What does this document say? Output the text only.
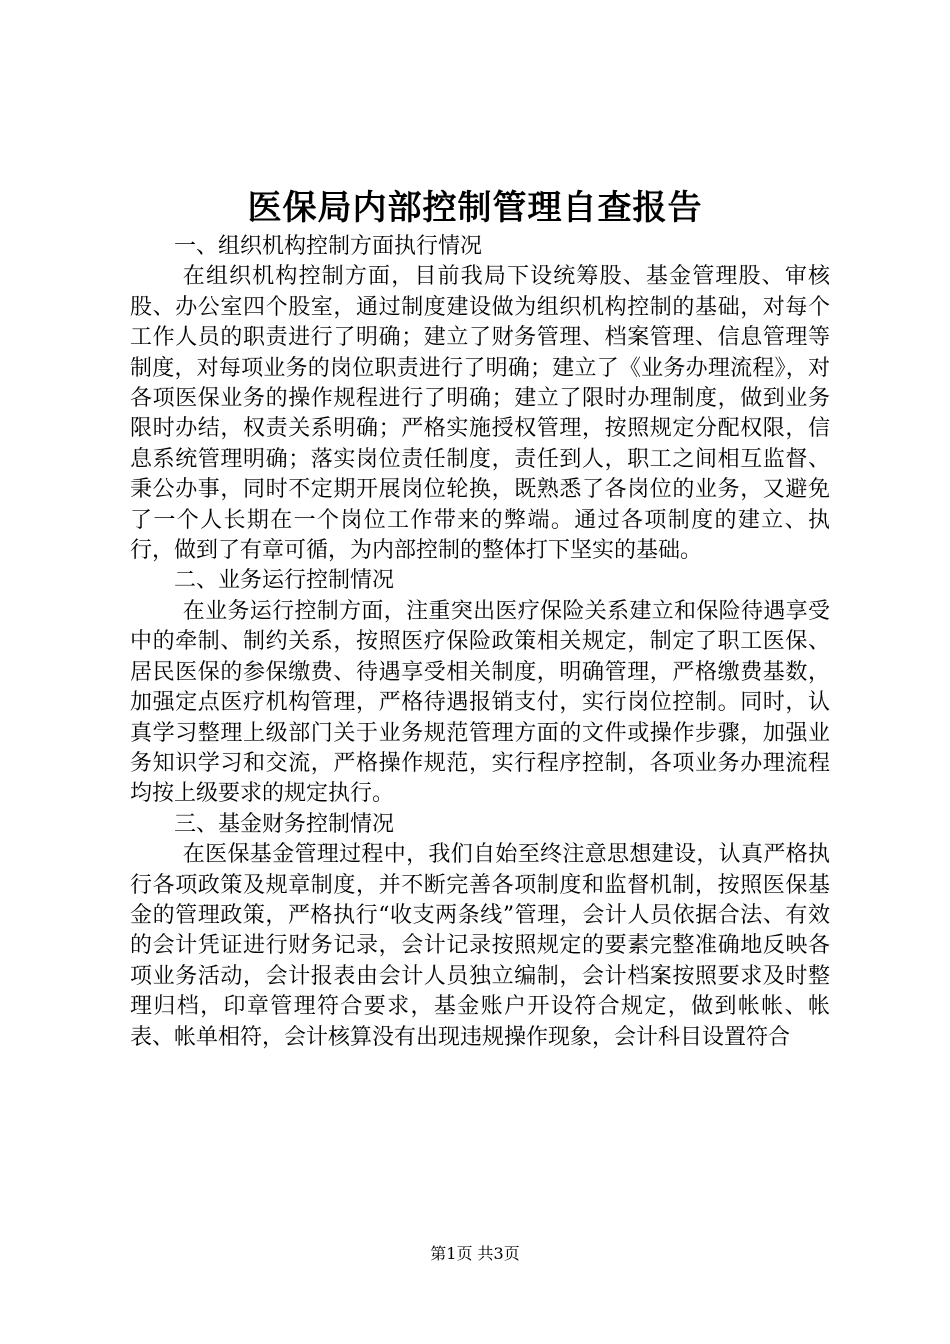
医保局内部控制管理自查报告

一、组织机构控制方面执行情况

在组织机构控制方面，目前我局下设统筹股、基金管理股、审核股、办公室四个股室，通过制度建设做为组织机构控制的基础，对每个工作人员的职责进行了明确；建立了财务管理、档案管理、信息管理等制度，对每项业务的岗位职责进行了明确；建立了《业务办理流程》，对各项医保业务的操作规程进行了明确；建立了限时办理制度，做到业务限时办结，权责关系明确；严格实施授权管理，按照规定分配权限，信息系统管理明确；落实岗位责任制度，责任到人，职工之间相互监督、秉公办事，同时不定期开展岗位轮换，既熟悉了各岗位的业务，又避免了一个人长期在一个岗位工作带来的弊端。通过各项制度的建立、执行，做到了有章可循，为内部控制的整体打下坚实的基础。

二、业务运行控制情况

在业务运行控制方面，注重突出医疗保险关系建立和保险待遇享受中的牵制、制约关系，按照医疗保险政策相关规定，制定了职工医保、居民医保的参保缴费、待遇享受相关制度，明确管理，严格缴费基数，加强定点医疗机构管理，严格待遇报销支付，实行岗位控制。同时，认真学习整理上级部门关于业务规范管理方面的文件或操作步骤，加强业务知识学习和交流，严格操作规范，实行程序控制，各项业务办理流程均按上级要求的规定执行。

三、基金财务控制情况

在医保基金管理过程中，我们自始至终注意思想建设，认真严格执行各项政策及规章制度，并不断完善各项制度和监督机制，按照医保基金的管理政策，严格执行“收支两条线”管理，会计人员依据合法、有效的会计凭证进行财务记录，会计记录按照规定的要素完整准确地反映各项业务活动，会计报表由会计人员独立编制，会计档案按照要求及时整理归档，印章管理符合要求，基金账户开设符合规定，做到帐帐、帐表、帐单相符，会计核算没有出现违规操作现象，会计科目设置符合

第1页 共3页
